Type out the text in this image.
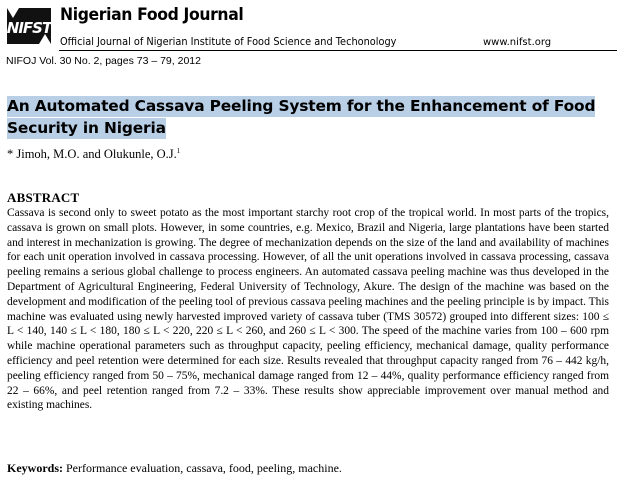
NIFST
Nigerian Food Journal
Official Journal of Nigerian Institute of Food Science and Techonology	www.nifst.org
NIFOJ Vol. 30 No. 2, pages 73 – 79, 2012
An Automated Cassava Peeling System for the Enhancement of Food Security in Nigeria
* Jimoh, M.O. and Olukunle, O.J.$^1$
ABSTRACT

Cassava is second only to sweet potato as the most important starchy root crop of the tropical world. In most parts of the tropics, cassava is grown on small plots. However, in some countries, e.g. Mexico, Brazil and Nigeria, large plantations have been started and interest in mechanization is growing. The degree of mechanization depends on the size of the land and availability of machines for each unit operation involved in cassava processing. However, of all the unit operations involved in cassava processing, cassava peeling remains a serious global challenge to process engineers. An automated cassava peeling machine was thus developed in the Department of Agricultural Engineering, Federal University of Technology, Akure. The design of the machine was based on the development and modification of the peeling tool of previous cassava peeling machines and the peeling principle is by impact. This machine was evaluated using newly harvested improved variety of cassava tuber (TMS 30572) grouped into different sizes: 100 ≤ L < 140, 140 ≤ L < 180, 180 ≤ L < 220, 220 ≤ L < 260, and 260 ≤ L < 300. The speed of the machine varies from 100 – 600 rpm while machine operational parameters such as throughput capacity, peeling efficiency, mechanical damage, quality performance efficiency and peel retention were determined for each size. Results revealed that throughput capacity ranged from 76 – 442 kg/h, peeling efficiency ranged from 50 – 75%, mechanical damage ranged from 12 – 44%, quality performance efficiency ranged from 22 – 66%, and peel retention ranged from 7.2 – 33%. These results show appreciable improvement over manual method and existing machines.

Keywords: Performance evaluation, cassava, food, peeling, machine.
